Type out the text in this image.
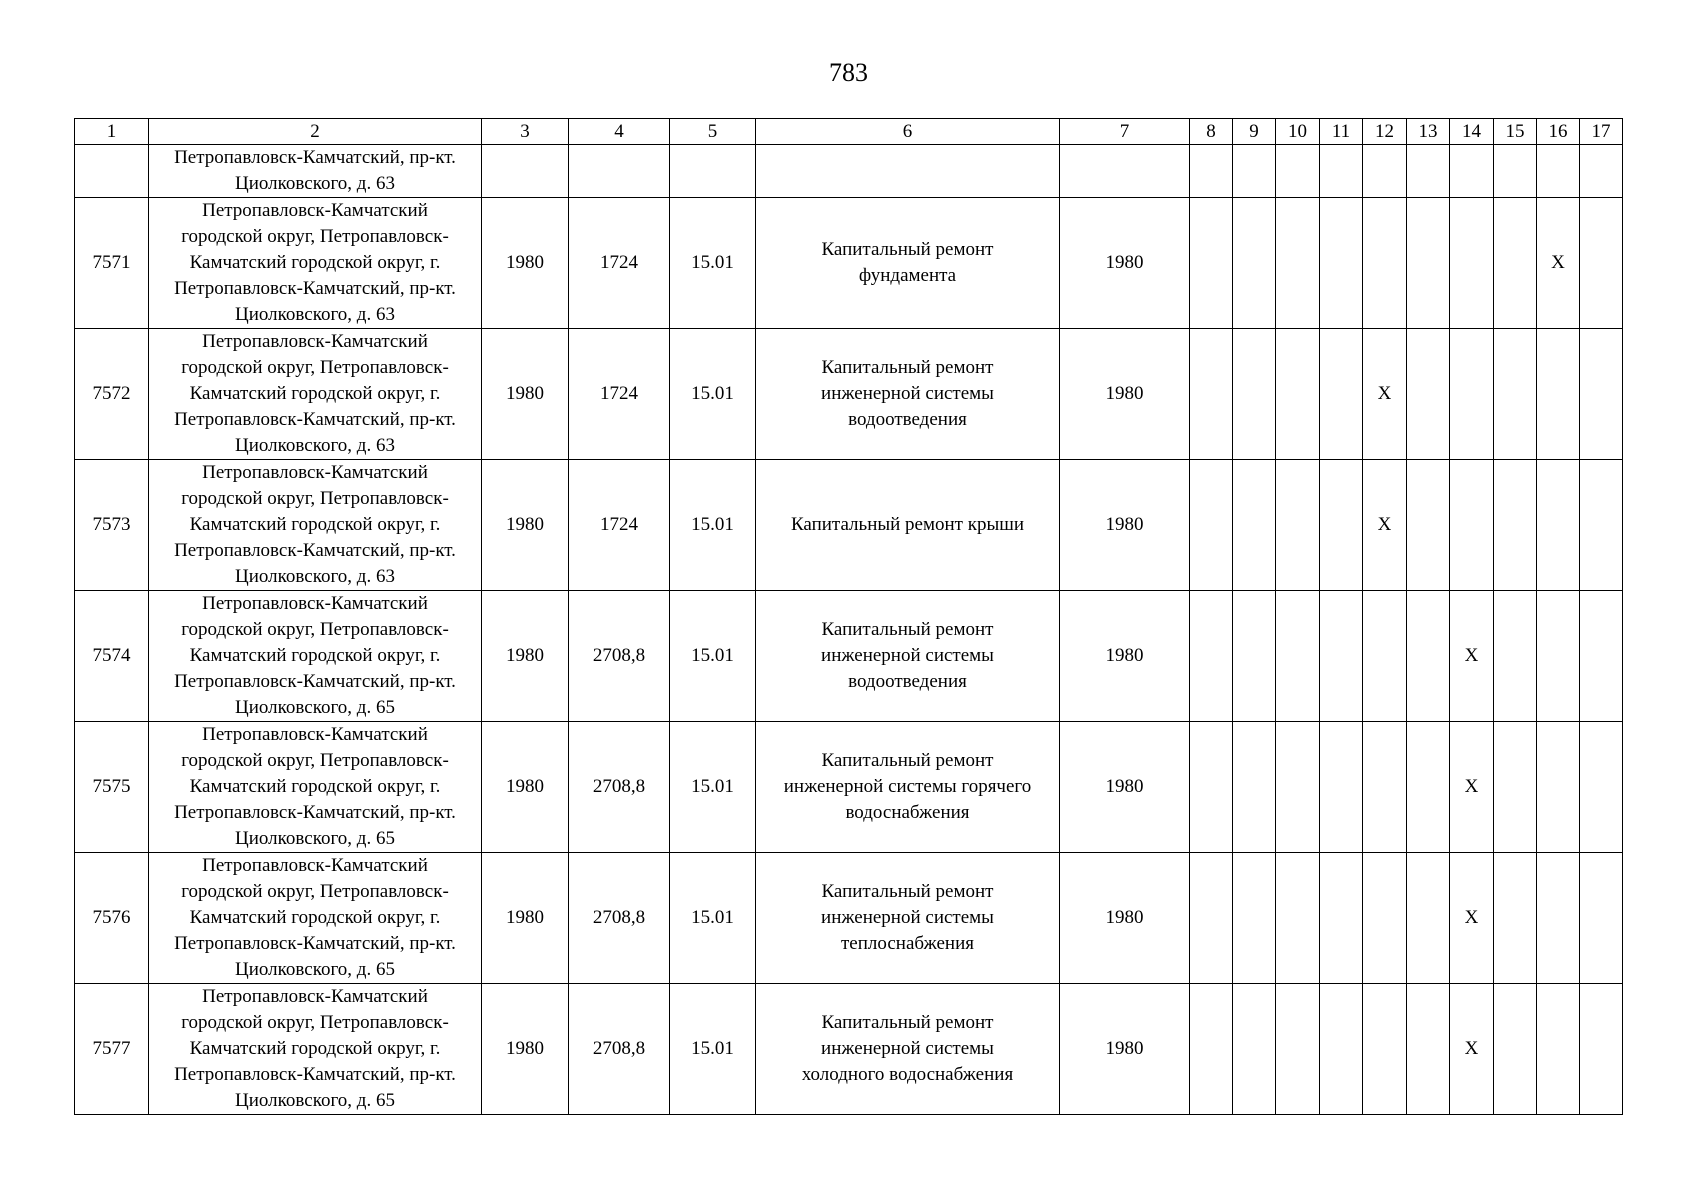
783
1	2	3	4	5	6	7	8	9	10	11	12	13	14	15	16	17
	Петропавловск-Камчатский, пр-кт.
Циолковского, д. 63															
7571	Петропавловск-Камчатский
городской округ, Петропавловск-
Камчатский городской округ, г.
Петропавловск-Камчатский, пр-кт.
Циолковского, д. 63	1980	1724	15.01	Капитальный ремонт
фундамента	1980									X	
7572	Петропавловск-Камчатский
городской округ, Петропавловск-
Камчатский городской округ, г.
Петропавловск-Камчатский, пр-кт.
Циолковского, д. 63	1980	1724	15.01	Капитальный ремонт
инженерной системы
водоотведения	1980					X					
7573	Петропавловск-Камчатский
городской округ, Петропавловск-
Камчатский городской округ, г.
Петропавловск-Камчатский, пр-кт.
Циолковского, д. 63	1980	1724	15.01	Капитальный ремонт крыши	1980					X					
7574	Петропавловск-Камчатский
городской округ, Петропавловск-
Камчатский городской округ, г.
Петропавловск-Камчатский, пр-кт.
Циолковского, д. 65	1980	2708,8	15.01	Капитальный ремонт
инженерной системы
водоотведения	1980							X			
7575	Петропавловск-Камчатский
городской округ, Петропавловск-
Камчатский городской округ, г.
Петропавловск-Камчатский, пр-кт.
Циолковского, д. 65	1980	2708,8	15.01	Капитальный ремонт
инженерной системы горячего
водоснабжения	1980							X			
7576	Петропавловск-Камчатский
городской округ, Петропавловск-
Камчатский городской округ, г.
Петропавловск-Камчатский, пр-кт.
Циолковского, д. 65	1980	2708,8	15.01	Капитальный ремонт
инженерной системы
теплоснабжения	1980							X			
7577	Петропавловск-Камчатский
городской округ, Петропавловск-
Камчатский городской округ, г.
Петропавловск-Камчатский, пр-кт.
Циолковского, д. 65	1980	2708,8	15.01	Капитальный ремонт
инженерной системы
холодного водоснабжения	1980							X			
